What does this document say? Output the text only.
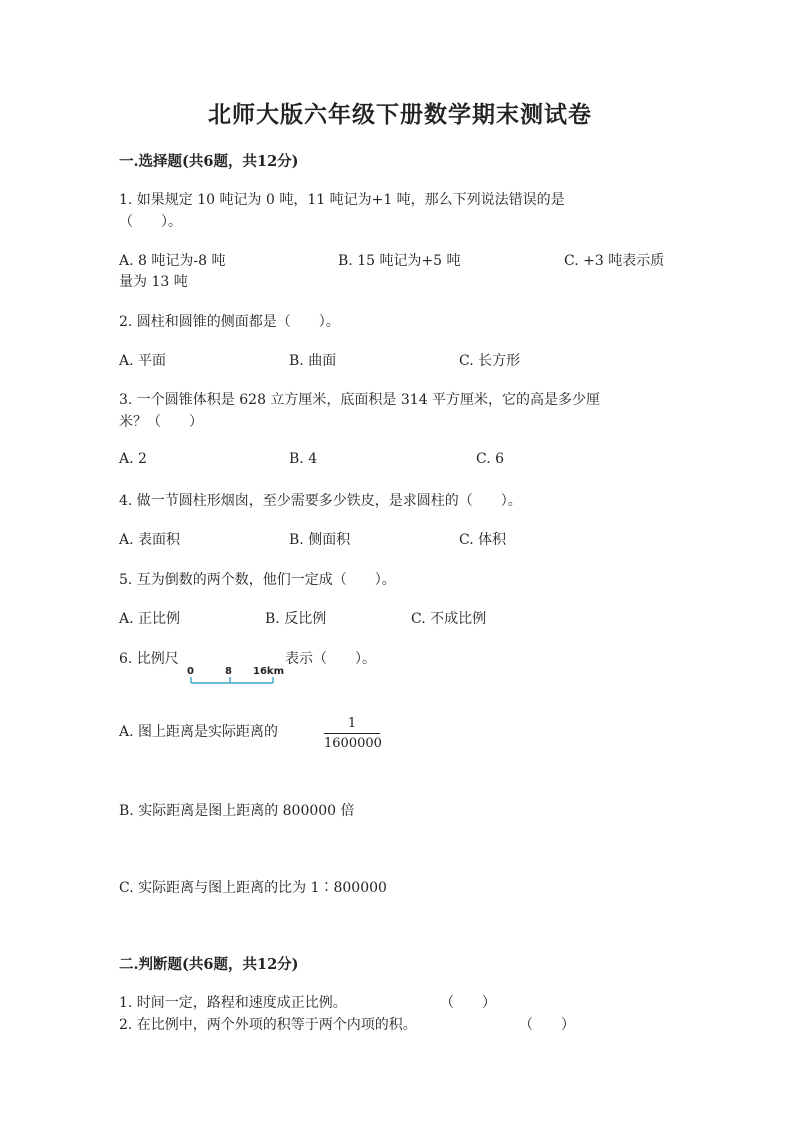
北师大版六年级下册数学期末测试卷
一.选择题(共6题，共12分)
1. 如果规定 10 吨记为 0 吨，11 吨记为+1 吨，那么下列说法错误的是
（　　）。
A. 8 吨记为-8 吨	B. 15 吨记为+5 吨	C. +3 吨表示质
量为 13 吨
2. 圆柱和圆锥的侧面都是（　　）。
A. 平面	B. 曲面	C. 长方形
3. 一个圆锥体积是 628 立方厘米，底面积是 314 平方厘米，它的高是多少厘
米？（　　）
A. 2	B. 4	C. 6
4. 做一节圆柱形烟囱，至少需要多少铁皮，是求圆柱的（　　）。
A. 表面积	B. 侧面积	C. 体积
5. 互为倒数的两个数，他们一定成（　　）。
A. 正比例	B. 反比例	C. 不成比例
6. 比例尺
0	8 16km
表示（　　）。
A. 图上距离是实际距离的
1
1600000
B. 实际距离是图上距离的 800000 倍
C. 实际距离与图上距离的比为 1∶800000
二.判断题(共6题，共12分)
1. 时间一定，路程和速度成正比例。	（　　）
2. 在比例中，两个外项的积等于两个内项的积。	（　　）
